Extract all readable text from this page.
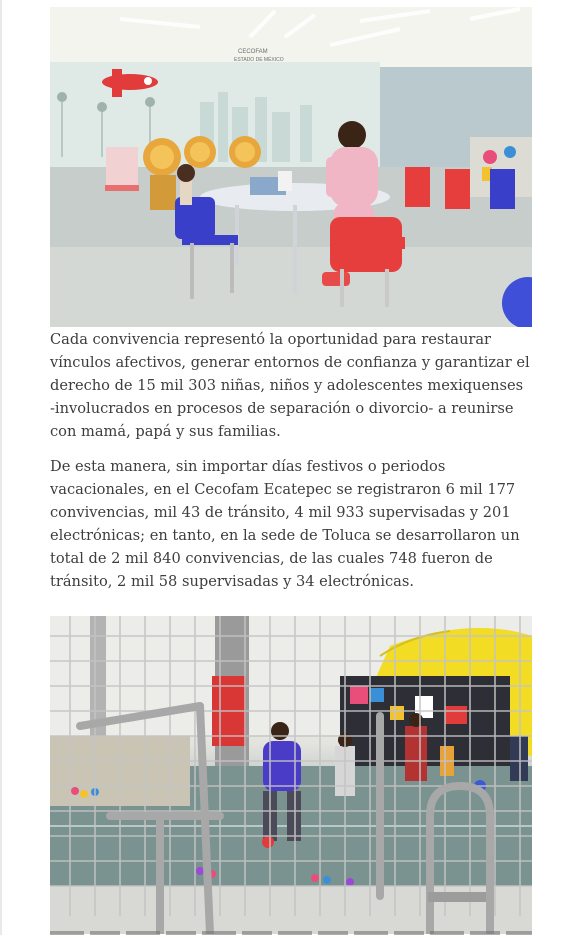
CECOFAM
ESTADO DE MÉXICO

Cada convivencia representó la oportunidad para restaurar vínculos afectivos, generar entornos de confianza y garantizar el derecho de 15 mil 303 niñas, niños y adolescentes mexiquenses -involucrados en procesos de separación o divorcio- a reunirse con mamá, papá y sus familias.

De esta manera, sin importar días festivos o periodos vacacionales, en el Cecofam Ecatepec se registraron 6 mil 177 convivencias, mil 43 de tránsito, 4 mil 933 supervisadas y 201 electrónicas; en tanto, en la sede de Toluca se desarrollaron un total de 2 mil 840 convivencias, de las cuales 748 fueron de tránsito, 2 mil 58 supervisadas y 34 electrónicas.
